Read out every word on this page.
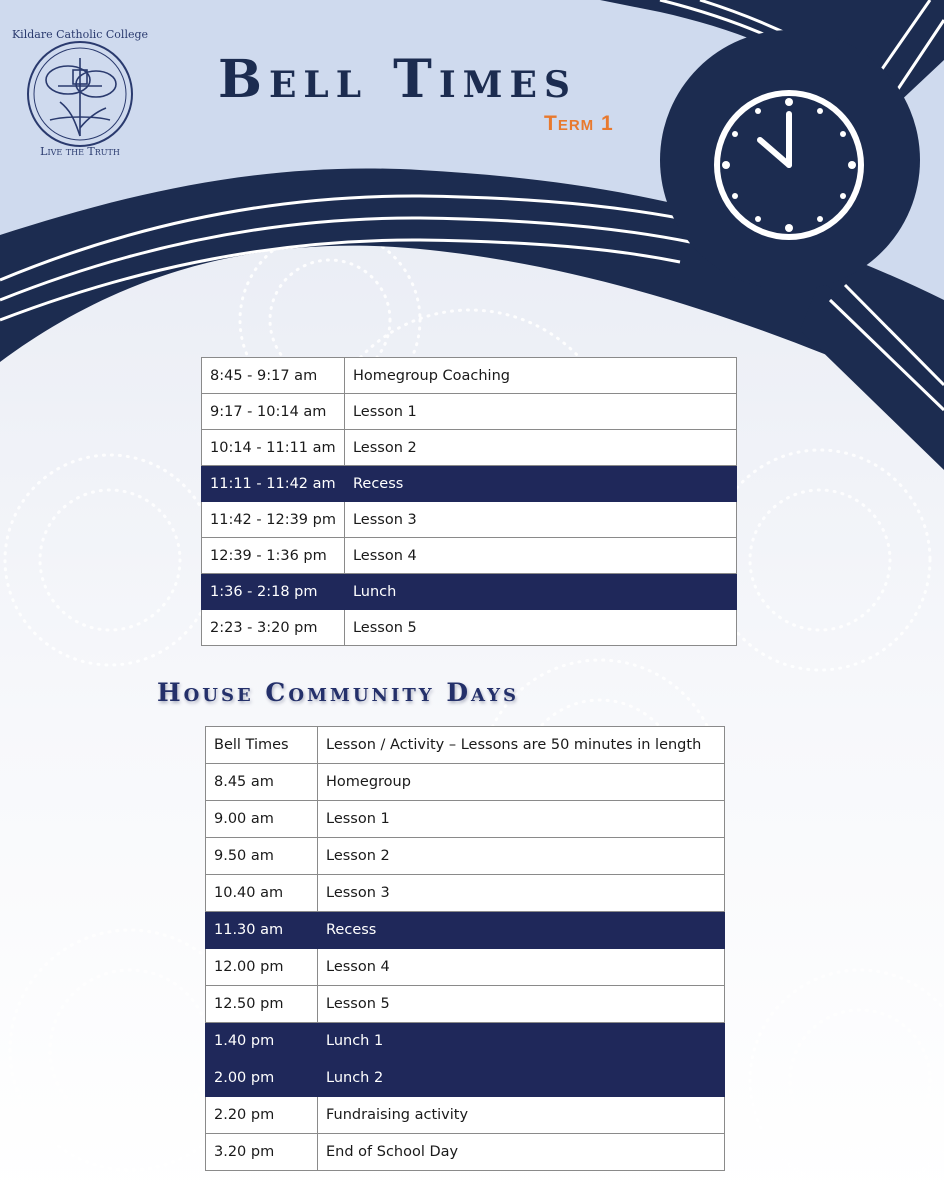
Kildare Catholic College
Live the Truth
Bell Times
Term 1
8:45 - 9:17 am	Homegroup Coaching
9:17 - 10:14 am	Lesson 1
10:14 - 11:11 am	Lesson 2
11:11 - 11:42 am	Recess
11:42 - 12:39 pm	Lesson 3
12:39 - 1:36 pm	Lesson 4
1:36 - 2:18 pm	Lunch
2:23 - 3:20 pm	Lesson 5
House Community Days
Bell Times	Lesson / Activity – Lessons are 50 minutes in length
8.45 am	Homegroup
9.00 am	Lesson 1
9.50 am	Lesson 2
10.40 am	Lesson 3
11.30 am	Recess
12.00 pm	Lesson 4
12.50 pm	Lesson 5
1.40 pm	Lunch 1
2.00 pm	Lunch 2
2.20 pm	Fundraising activity
3.20 pm	End of School Day
